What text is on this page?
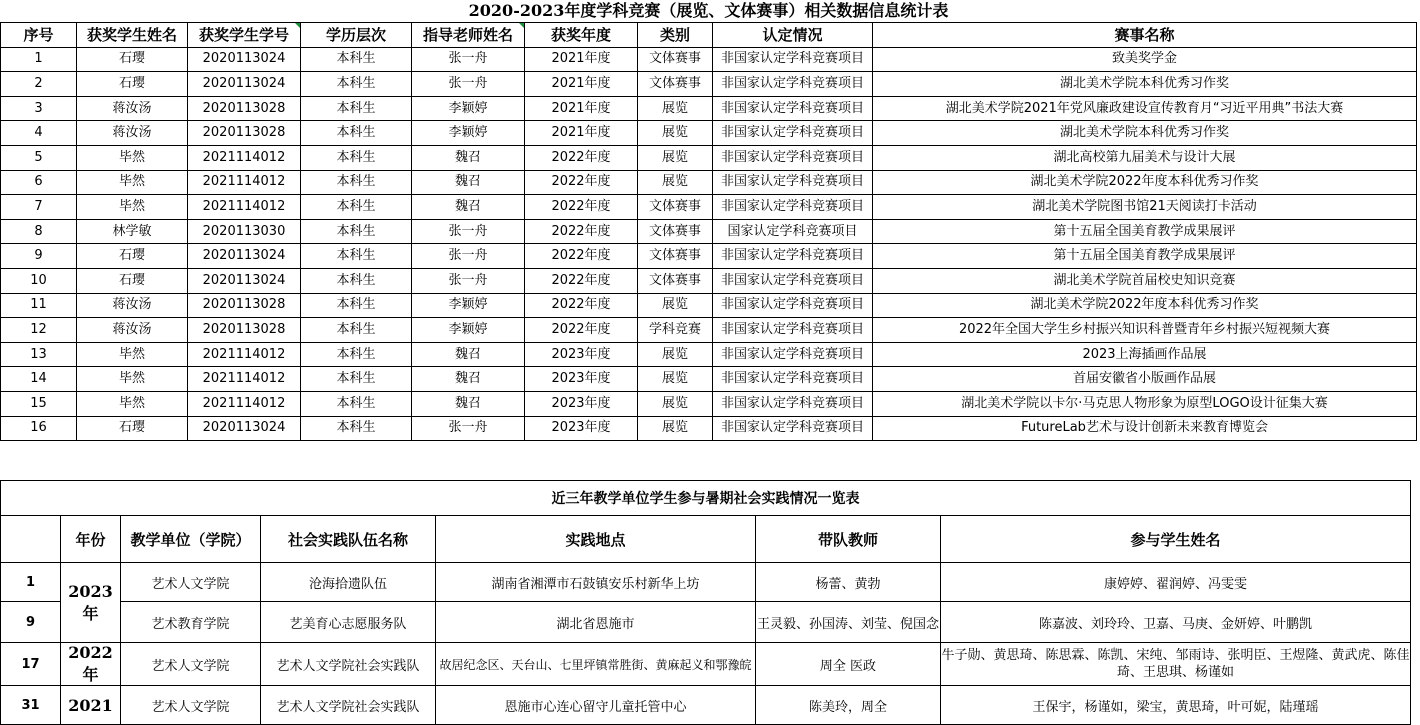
2020-2023年度学科竞赛（展览、文体赛事）相关数据信息统计表								
序号	获奖学生姓名	获奖学生学号	学历层次	指导老师姓名	获奖年度	类别	认定情况	赛事名称
1	石璎	2020113024	本科生	张一舟	2021年度	文体赛事	非国家认定学科竞赛项目	致美奖学金
2	石璎	2020113024	本科生	张一舟	2021年度	文体赛事	非国家认定学科竞赛项目	湖北美术学院本科优秀习作奖
3	蒋汝汤	2020113028	本科生	李颖婷	2021年度	展览	非国家认定学科竞赛项目	湖北美术学院2021年党风廉政建设宣传教育月“习近平用典”书法大赛
4	蒋汝汤	2020113028	本科生	李颖婷	2021年度	展览	非国家认定学科竞赛项目	湖北美术学院本科优秀习作奖
5	毕然	2021114012	本科生	魏召	2022年度	展览	非国家认定学科竞赛项目	湖北高校第九届美术与设计大展
6	毕然	2021114012	本科生	魏召	2022年度	展览	非国家认定学科竞赛项目	湖北美术学院2022年度本科优秀习作奖
7	毕然	2021114012	本科生	魏召	2022年度	文体赛事	非国家认定学科竞赛项目	湖北美术学院图书馆21天阅读打卡活动
8	林学敏	2020113030	本科生	张一舟	2022年度	文体赛事	国家认定学科竞赛项目	第十五届全国美育教学成果展评
9	石璎	2020113024	本科生	张一舟	2022年度	文体赛事	非国家认定学科竞赛项目	第十五届全国美育教学成果展评
10	石璎	2020113024	本科生	张一舟	2022年度	文体赛事	非国家认定学科竞赛项目	湖北美术学院首届校史知识竞赛
11	蒋汝汤	2020113028	本科生	李颖婷	2022年度	展览	非国家认定学科竞赛项目	湖北美术学院2022年度本科优秀习作奖
12	蒋汝汤	2020113028	本科生	李颖婷	2022年度	学科竞赛	非国家认定学科竞赛项目	2022年全国大学生乡村振兴知识科普暨青年乡村振兴短视频大赛
13	毕然	2021114012	本科生	魏召	2023年度	展览	非国家认定学科竞赛项目	2023上海插画作品展
14	毕然	2021114012	本科生	魏召	2023年度	展览	非国家认定学科竞赛项目	首届安徽省小版画作品展
15	毕然	2021114012	本科生	魏召	2023年度	展览	非国家认定学科竞赛项目	湖北美术学院以卡尔·马克思人物形象为原型LOGO设计征集大赛
16	石璎	2020113024	本科生	张一舟	2023年度	展览	非国家认定学科竞赛项目	FutureLab艺术与设计创新未来教育博览会
近三年教学单位学生参与暑期社会实践情况一览表						
	年份	教学单位（学院）	社会实践队伍名称	实践地点	带队教师	参与学生姓名
1	2023年	艺术人文学院	沧海拾遗队伍	湖南省湘潭市石鼓镇安乐村新华上坊	杨蕾、黄勃	康婷婷、翟润婷、冯雯雯
9		艺术教育学院	艺美育心志愿服务队	湖北省恩施市	王灵毅、孙国涛、刘莹、倪国念	陈嘉波、刘玲玲、卫嘉、马庚、金妍婷、叶鹏凯
17	2022年	艺术人文学院	艺术人文学院社会实践队	故居纪念区、天台山、七里坪镇常胜街、黄麻起义和鄂豫皖	周全 医政	牛子勋、黄思琦、陈思霖、陈凯、宋纯、邹雨诗、张明臣、王煜隆、黄武虎、陈佳琦、王思琪、杨谨如
31	2021	艺术人文学院	艺术人文学院社会实践队	恩施市心连心留守儿童托管中心	陈美玲，周全	王保宇，杨谨如，梁宝，黄思琦，叶可妮，陆瑾瑶
